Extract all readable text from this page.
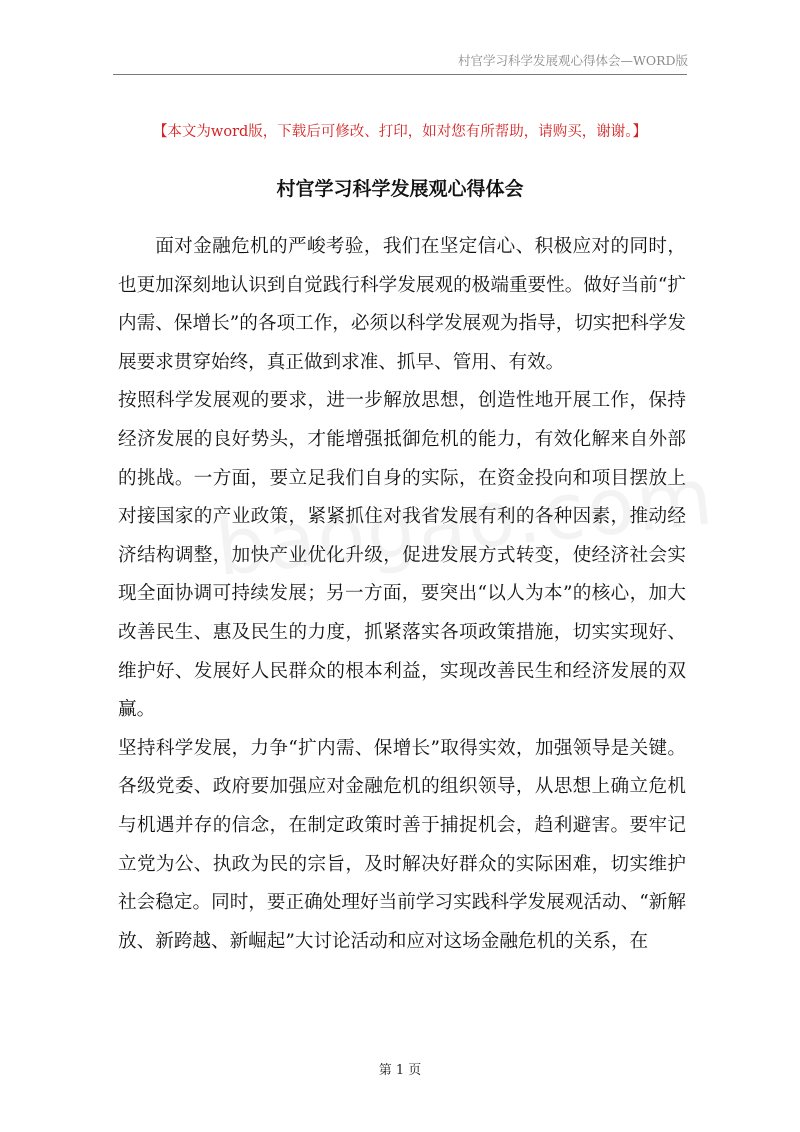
村官学习科学发展观心得体会—WORD版
【本文为word版，下载后可修改、打印，如对您有所帮助，请购买，谢谢。】
村官学习科学发展观心得体会

面对金融危机的严峻考验，我们在坚定信心、积极应对的同时，也更加深刻地认识到自觉践行科学发展观的极端重要性。做好当前“扩内需、保增长”的各项工作，必须以科学发展观为指导，切实把科学发展要求贯穿始终，真正做到求准、抓早、管用、有效。

按照科学发展观的要求，进一步解放思想，创造性地开展工作，保持经济发展的良好势头，才能增强抵御危机的能力，有效化解来自外部的挑战。一方面，要立足我们自身的实际，在资金投向和项目摆放上对接国家的产业政策，紧紧抓住对我省发展有利的各种因素，推动经济结构调整，加快产业优化升级，促进发展方式转变，使经济社会实现全面协调可持续发展；另一方面，要突出“以人为本”的核心，加大改善民生、惠及民生的力度，抓紧落实各项政策措施，切实实现好、维护好、发展好人民群众的根本利益，实现改善民生和经济发展的双赢。

坚持科学发展，力争“扩内需、保增长”取得实效，加强领导是关键。各级党委、政府要加强应对金融危机的组织领导，从思想上确立危机与机遇并存的信念，在制定政策时善于捕捉机会，趋利避害。要牢记立党为公、执政为民的宗旨，及时解决好群众的实际困难，切实维护社会稳定。同时，要正确处理好当前学习实践科学发展观活动、“新解放、新跨越、新崛起”大讨论活动和应对这场金融危机的关系，在

第 1 页
